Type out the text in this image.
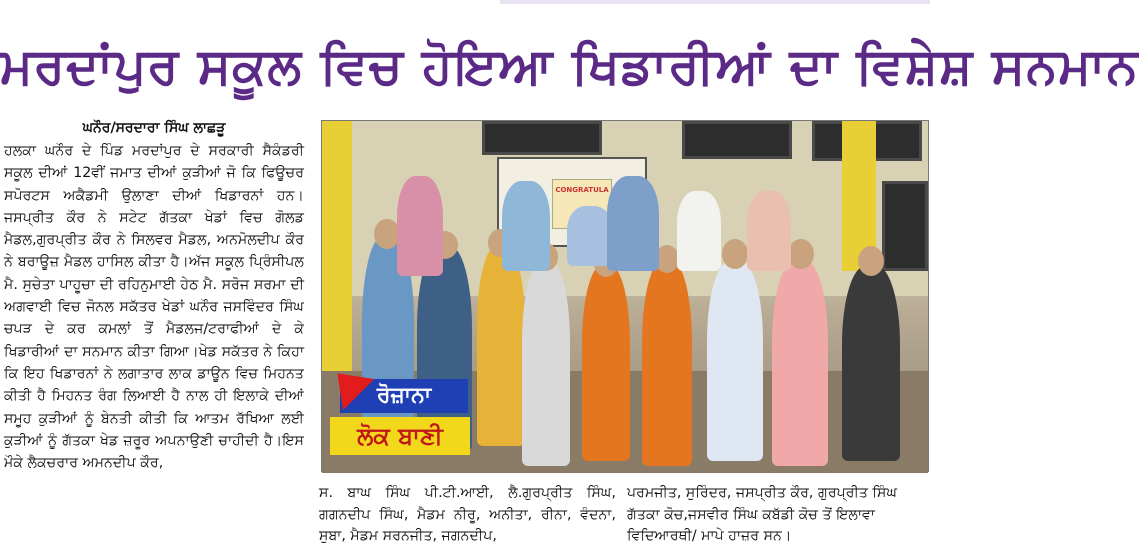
ਮਰਦਾਂਪੁਰ ਸਕੂਲ ਵਿਚ ਹੋਇਆ ਖਿਡਾਰੀਆਂ ਦਾ ਵਿਸ਼ੇਸ਼ ਸਨਮਾਨ
ਘਨੌਰ/ਸਰਦਾਰਾ ਸਿੰਘ ਲਾਛੜੂ

ਹਲਕਾ ਘਨੌਰ ਦੇ ਪਿੰਡ ਮਰਦਾਂਪੁਰ ਦੇ ਸਰਕਾਰੀ ਸੈਕੰਡਰੀ ਸਕੂਲ ਦੀਆਂ 12ਵੀਂ ਜਮਾਤ ਦੀਆਂ ਕੁੜੀਆਂ ਜੋ ਕਿ ਫਿਊਚਰ ਸਪੋਰਟਸ ਅਕੈਡਮੀ ਉਲਾਣਾ ਦੀਆਂ ਖਿਡਾਰਨਾਂ ਹਨ।ਜਸਪ੍ਰੀਤ ਕੌਰ ਨੇ ਸਟੇਟ ਗੱਤਕਾ ਖੇਡਾਂ ਵਿਚ ਗੋਲਡ ਮੈਡਲ,ਗੁਰਪ੍ਰੀਤ ਕੌਰ ਨੇ ਸਿਲਵਰ ਮੈਡਲ, ਅਨਮੋਲਦੀਪ ਕੌਰ ਨੇ ਬਰਾਊਜ਼ ਮੈਡਲ ਹਾਸਿਲ ਕੀਤਾ ਹੈ।ਅੱਜ ਸਕੂਲ ਪ੍ਰਿੰਸੀਪਲ ਮੈ. ਸੁਚੇਤਾ ਪਾਹੂਚਾ ਦੀ ਰਹਿਨੁਮਾਈ ਹੇਠ ਮੈ. ਸਰੋਜ ਸਰਮਾ ਦੀ ਅਗਵਾਈ ਵਿਚ ਜੋਨਲ ਸਕੱਤਰ ਖੇਡਾਂ ਘਨੌਰ ਜਸਵਿੰਦਰ ਸਿੰਘ ਚਪੜ ਦੇ ਕਰ ਕਮਲਾਂ ਤੋਂ ਮੈਡਲਜ/ਟਰਾਫੀਆਂ ਦੇ ਕੇ ਖਿਡਾਰੀਆਂ ਦਾ ਸਨਮਾਨ ਕੀਤਾ ਗਿਆ।ਖੇਡ ਸਕੱਤਰ ਨੇ ਕਿਹਾ ਕਿ ਇਹ ਖਿਡਾਰਨਾਂ ਨੇ ਲਗਾਤਾਰ ਲਾਕ ਡਾਊਨ ਵਿਚ ਮਿਹਨਤ ਕੀਤੀ ਹੈ ਮਿਹਨਤ ਰੰਗ ਲਿਆਈ ਹੈ ਨਾਲ ਹੀ ਇਲਾਕੇ ਦੀਆਂ ਸਮੂਹ ਕੁੜੀਆਂ ਨੂੰ ਬੇਨਤੀ ਕੀਤੀ ਕਿ ਆਤਮ ਰੱਖਿਆ ਲਈ ਕੁੜੀਆਂ ਨੂੰ ਗੱਤਕਾ ਖੇਡ ਜ਼ਰੂਰ ਅਪਨਾਉਣੀ ਚਾਹੀਦੀ ਹੈ।ਇਸ ਮੌਕੇ ਲੈਕਚਰਾਰ ਅਮਨਦੀਪ ਕੌਰ,

CONGRATULA
ਰੋਜ਼ਾਨਾ
ਲੋਕ ਬਾਣੀ

ਸ. ਬਾਘ ਸਿੰਘ ਪੀ.ਟੀ.ਆਈ, ਲੈ.ਗੁਰਪ੍ਰੀਤ ਸਿੰਘ, ਗਗਨਦੀਪ ਸਿੰਘ, ਮੈਡਮ ਨੀਰੂ, ਅਨੀਤਾ, ਰੀਨਾ, ਵੰਦਨਾ, ਸੁਬਾ, ਮੈਡਮ ਸਰਨਜੀਤ, ਜਗਨਦੀਪ,

ਪਰਮਜੀਤ, ਸੁਰਿੰਦਰ, ਜਸਪ੍ਰੀਤ ਕੌਰ, ਗੁਰਪ੍ਰੀਤ ਸਿੰਘ ਗੱਤਕਾ ਕੋਚ,ਜਸਵੀਰ ਸਿੰਘ ਕਬੱਡੀ ਕੋਚ ਤੋਂ ਇਲਾਵਾ ਵਿਦਿਆਰਥੀ/ ਮਾਪੇ ਹਾਜ਼ਰ ਸਨ।
